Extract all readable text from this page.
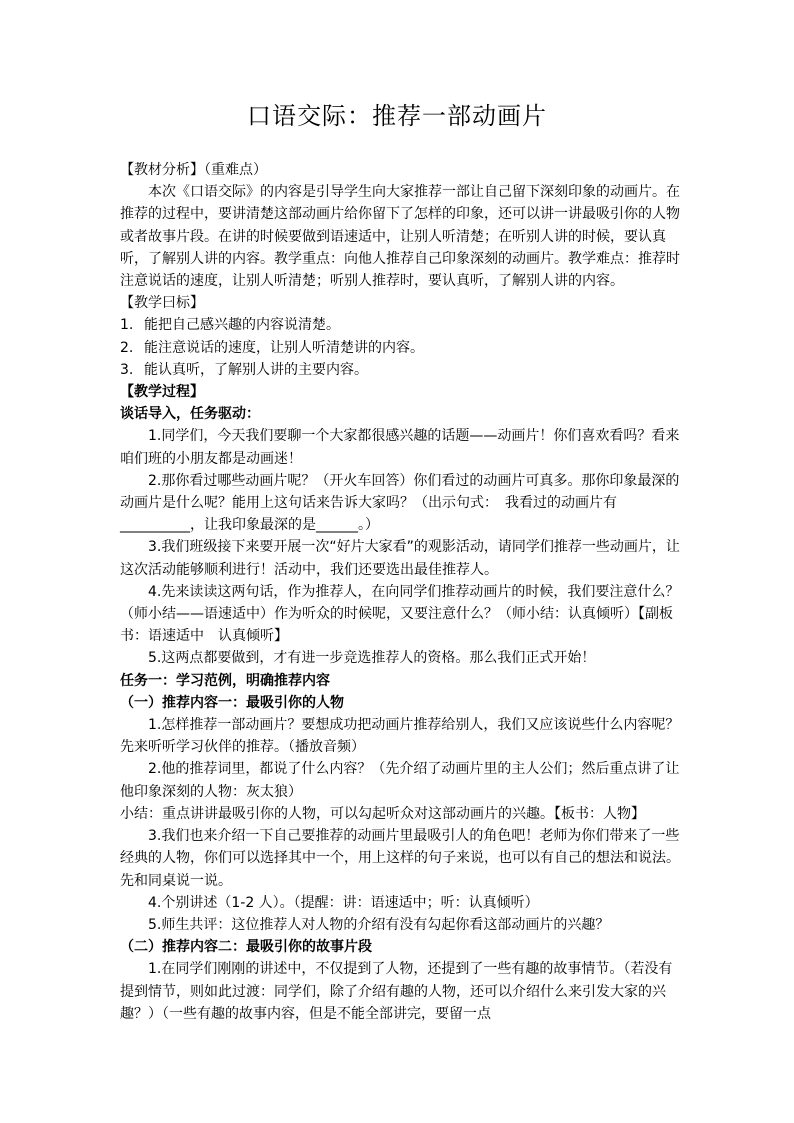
口语交际：推荐一部动画片

【教材分析】（重难点）

本次《口语交际》的内容是引导学生向大家推荐一部让自己留下深刻印象的动画片。在推荐的过程中，要讲清楚这部动画片给你留下了怎样的印象，还可以讲一讲最吸引你的人物或者故事片段。在讲的时候要做到语速适中，让别人听清楚；在听别人讲的时候，要认真听，了解别人讲的内容。教学重点：向他人推荐自己印象深刻的动画片。教学难点：推荐时注意说话的速度，让别人听清楚；听别人推荐时，要认真听，了解别人讲的内容。

【教学曰标】

1. 能把自己感兴趣的内容说清楚。

2. 能注意说话的速度，让别人听清楚讲的内容。

3. 能认真听，了解别人讲的主要内容。

【教学过程】

谈话导入，任务驱动：

1.同学们，今天我们要聊一个大家都很感兴趣的话题——动画片！你们喜欢看吗？看来咱们班的小朋友都是动画迷！

2.那你看过哪些动画片呢？（开火车回答）你们看过的动画片可真多。那你印象最深的动画片是什么呢？能用上这句话来告诉大家吗？（出示句式：　我看过的动画片有__________，让我印象最深的是______。）

3.我们班级接下来要开展一次“好片大家看”的观影活动，请同学们推荐一些动画片，让这次活动能够顺利进行！活动中，我们还要选出最佳推荐人。

4.先来读读这两句话，作为推荐人，在向同学们推荐动画片的时候，我们要注意什么？（师小结——语速适中）作为听众的时候呢，又要注意什么？（师小结：认真倾听）【副板书：语速适中　认真倾听】

5.这两点都要做到，才有进一步竞选推荐人的资格。那么我们正式开始！

任务一：学习范例，明确推荐内容

（一）推荐内容一：最吸引你的人物

1.怎样推荐一部动画片？要想成功把动画片推荐给别人，我们又应该说些什么内容呢？先来听听学习伙伴的推荐。（播放音频）

2.他的推荐词里，都说了什么内容？（先介绍了动画片里的主人公们；然后重点讲了让他印象深刻的人物：灰太狼）

小结：重点讲讲最吸引你的人物，可以勾起听众对这部动画片的兴趣。【板书：人物】

3.我们也来介绍一下自己要推荐的动画片里最吸引人的角色吧！老师为你们带来了一些经典的人物，你们可以选择其中一个，用上这样的句子来说，也可以有自己的想法和说法。先和同桌说一说。

4.个别讲述（1-2 人）。（提醒：讲：语速适中；听：认真倾听）

5.师生共评：这位推荐人对人物的介绍有没有勾起你看这部动画片的兴趣？

（二）推荐内容二：最吸引你的故事片段

1.在同学们刚刚的讲述中，不仅提到了人物，还提到了一些有趣的故事情节。（若没有提到情节，则如此过渡：同学们，除了介绍有趣的人物，还可以介绍什么来引发大家的兴趣？）（一些有趣的故事内容，但是不能全部讲完，要留一点
